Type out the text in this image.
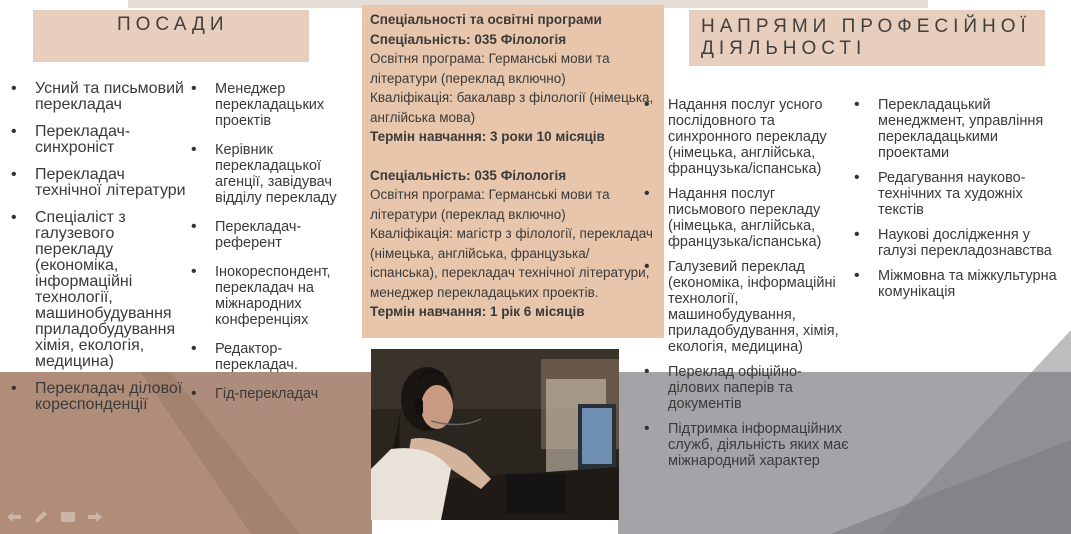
ПОСАДИ
• Усний та письмовий перекладач
• Перекладач-синхроніст
• Перекладач технічної літератури
• Спеціаліст з галузевого перекладу (економіка, інформаційні технології, машинобудування приладобудування хімія, екологія, медицина)
• Перекладач ділової кореспонденції
• Менеджер перекладацьких проектів
• Керівник перекладацької агенції, завідувач відділу перекладу
• Перекладач-референт
• Інокореспондент, перекладач на міжнародних конференціях
• Редактор-перекладач.
• Гід-перекладач
Спеціальності та освітні програми
Спеціальність: 035 Філологія
Освітня програма: Германські мови та літератури (переклад включно)
Кваліфікація: бакалавр з філології (німецька, англійська мова)
Термін навчання: 3 роки 10 місяців
Спеціальність: 035 Філологія
Освітня програма: Германські мови та літератури (переклад включно)
Кваліфікація: магістр з філології, перекладач (німецька, англійська, французька/іспанська), перекладач технічної літератури, менеджер перекладацьких проектів.
Термін навчання: 1 рік 6 місяців
НАПРЯМИ ПРОФЕСІЙНОЇ ДІЯЛЬНОСТІ
• Надання послуг усного послідовного та синхронного перекладу (німецька, англійська, французька/іспанська)
• Надання послуг письмового перекладу (німецька, англійська, французька/іспанська)
• Галузевий переклад (економіка, інформаційні технології, машинобудування, приладобудування, хімія, екологія, медицина)
• Переклад офіційно-ділових паперів та документів
• Підтримка інформаційних служб, діяльність яких має міжнародний характер
• Перекладацький менеджмент, управління перекладацькими проектами
• Редагування науково-технічних та художніх текстів
• Наукові дослідження у галузі перекладознавства
• Міжмовна та міжкультурна комунікація
